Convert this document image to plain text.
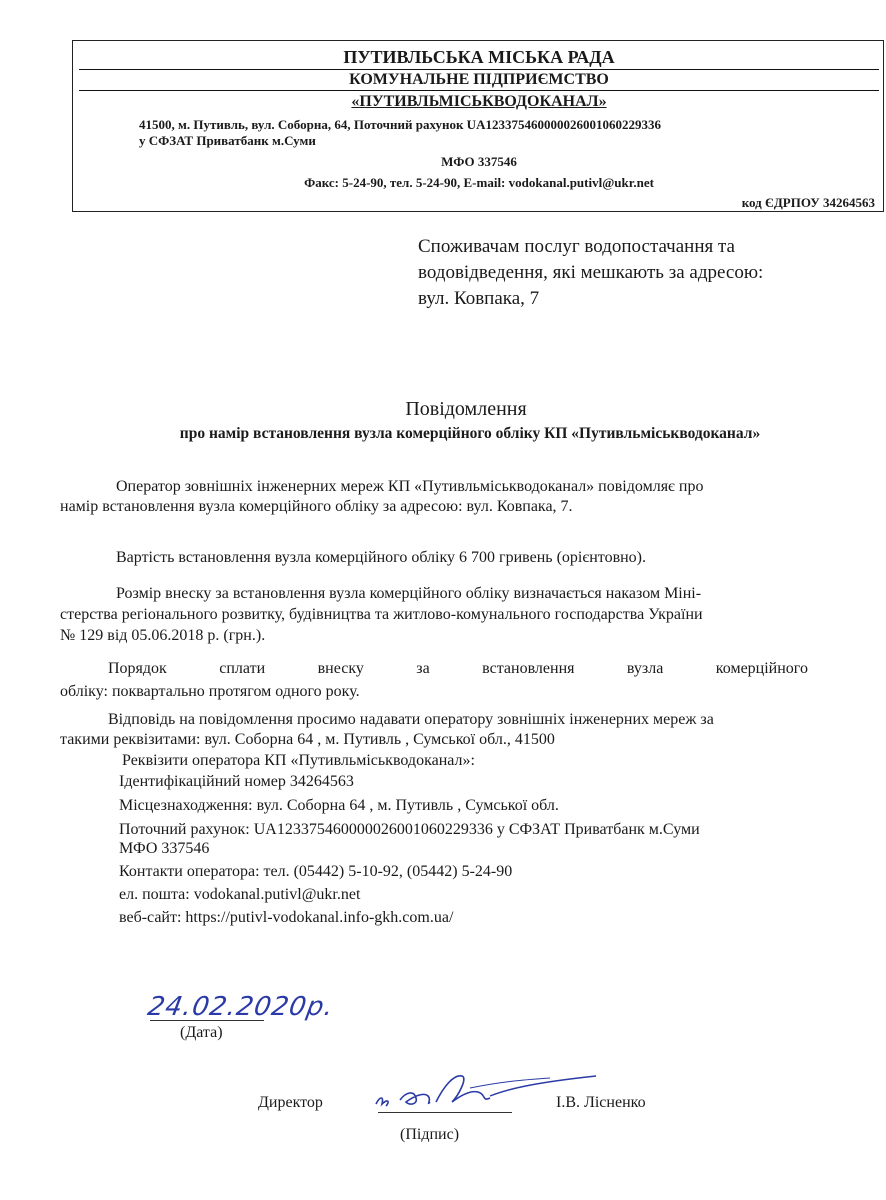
ПУТИВЛЬСЬКА МІСЬКА РАДА
КОМУНАЛЬНЕ ПІДПРИЄМСТВО
«ПУТИВЛЬМІСЬКВОДОКАНАЛ»
41500, м. Путивль, вул. Соборна, 64, Поточний рахунок UA123375460000026001060229336
у СФЗАТ Приватбанк м.Суми
МФО 337546
Факс: 5-24-90, тел. 5-24-90, E-mail: vodokanal.putivl@ukr.net
код ЄДРПОУ 34264563
Споживачам послуг водопостачання та
водовідведення, які мешкають за адресою:
вул. Ковпака, 7
Повідомлення
про намір встановлення вузла комерційного обліку КП «Путивльміськводоканал»
Оператор зовнішніх інженерних мереж КП «Путивльміськводоканал» повідомляє про
намір встановлення вузла комерційного обліку за адресою: вул. Ковпака, 7.
Вартість встановлення вузла комерційного обліку 6 700 гривень (орієнтовно).
Розмір внеску за встановлення вузла комерційного обліку визначається наказом Міні-
стерства регіонального розвитку, будівництва та житлово-комунального господарства України
№ 129 від 05.06.2018 р. (грн.).
Порядок	сплати	внеску	за	встановлення	вузла	комерційного
обліку: поквартально протягом одного року.
Відповідь на повідомлення просимо надавати оператору зовнішніх інженерних мереж за
такими реквізитами: вул. Соборна 64 , м. Путивль , Сумської обл., 41500
Реквізити оператора КП «Путивльміськводоканал»:
Ідентифікаційний номер 34264563
Місцезнаходження: вул. Соборна 64 , м. Путивль , Сумської обл.
Поточний рахунок: UA123375460000026001060229336 у СФЗАТ Приватбанк м.Суми
МФО 337546
Контакти оператора: тел. (05442) 5-10-92, (05442) 5-24-90
ел. пошта: vodokanal.putivl@ukr.net
веб-сайт: https://putivl-vodokanal.info-gkh.com.ua/
24.02.2020р.
(Дата)
Директор
(Підпис)
І.В. Лісненко
